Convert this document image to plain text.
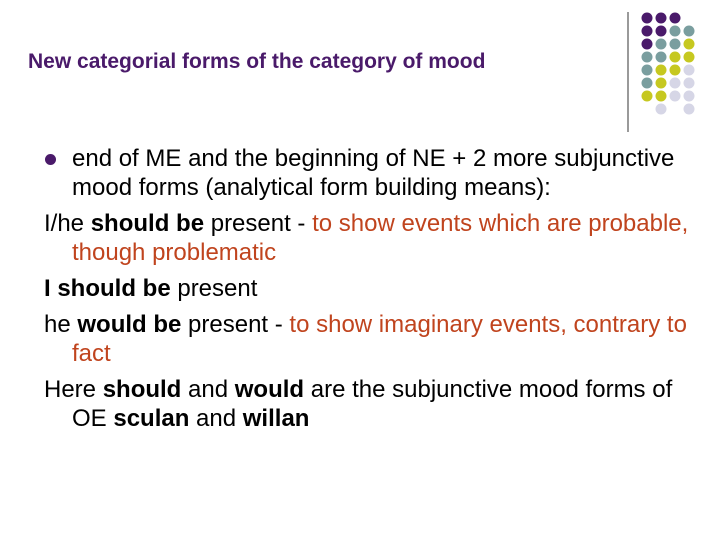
New categorial forms of the category of mood

end of ME and the beginning of NE + 2 more subjunctive mood forms (analytical form building means):

I/he should be present - to show events which are probable, though problematic

I should be present

he would be present - to show imaginary events, contrary to fact

Here should and would are the subjunctive mood forms of OE sculan and willan
